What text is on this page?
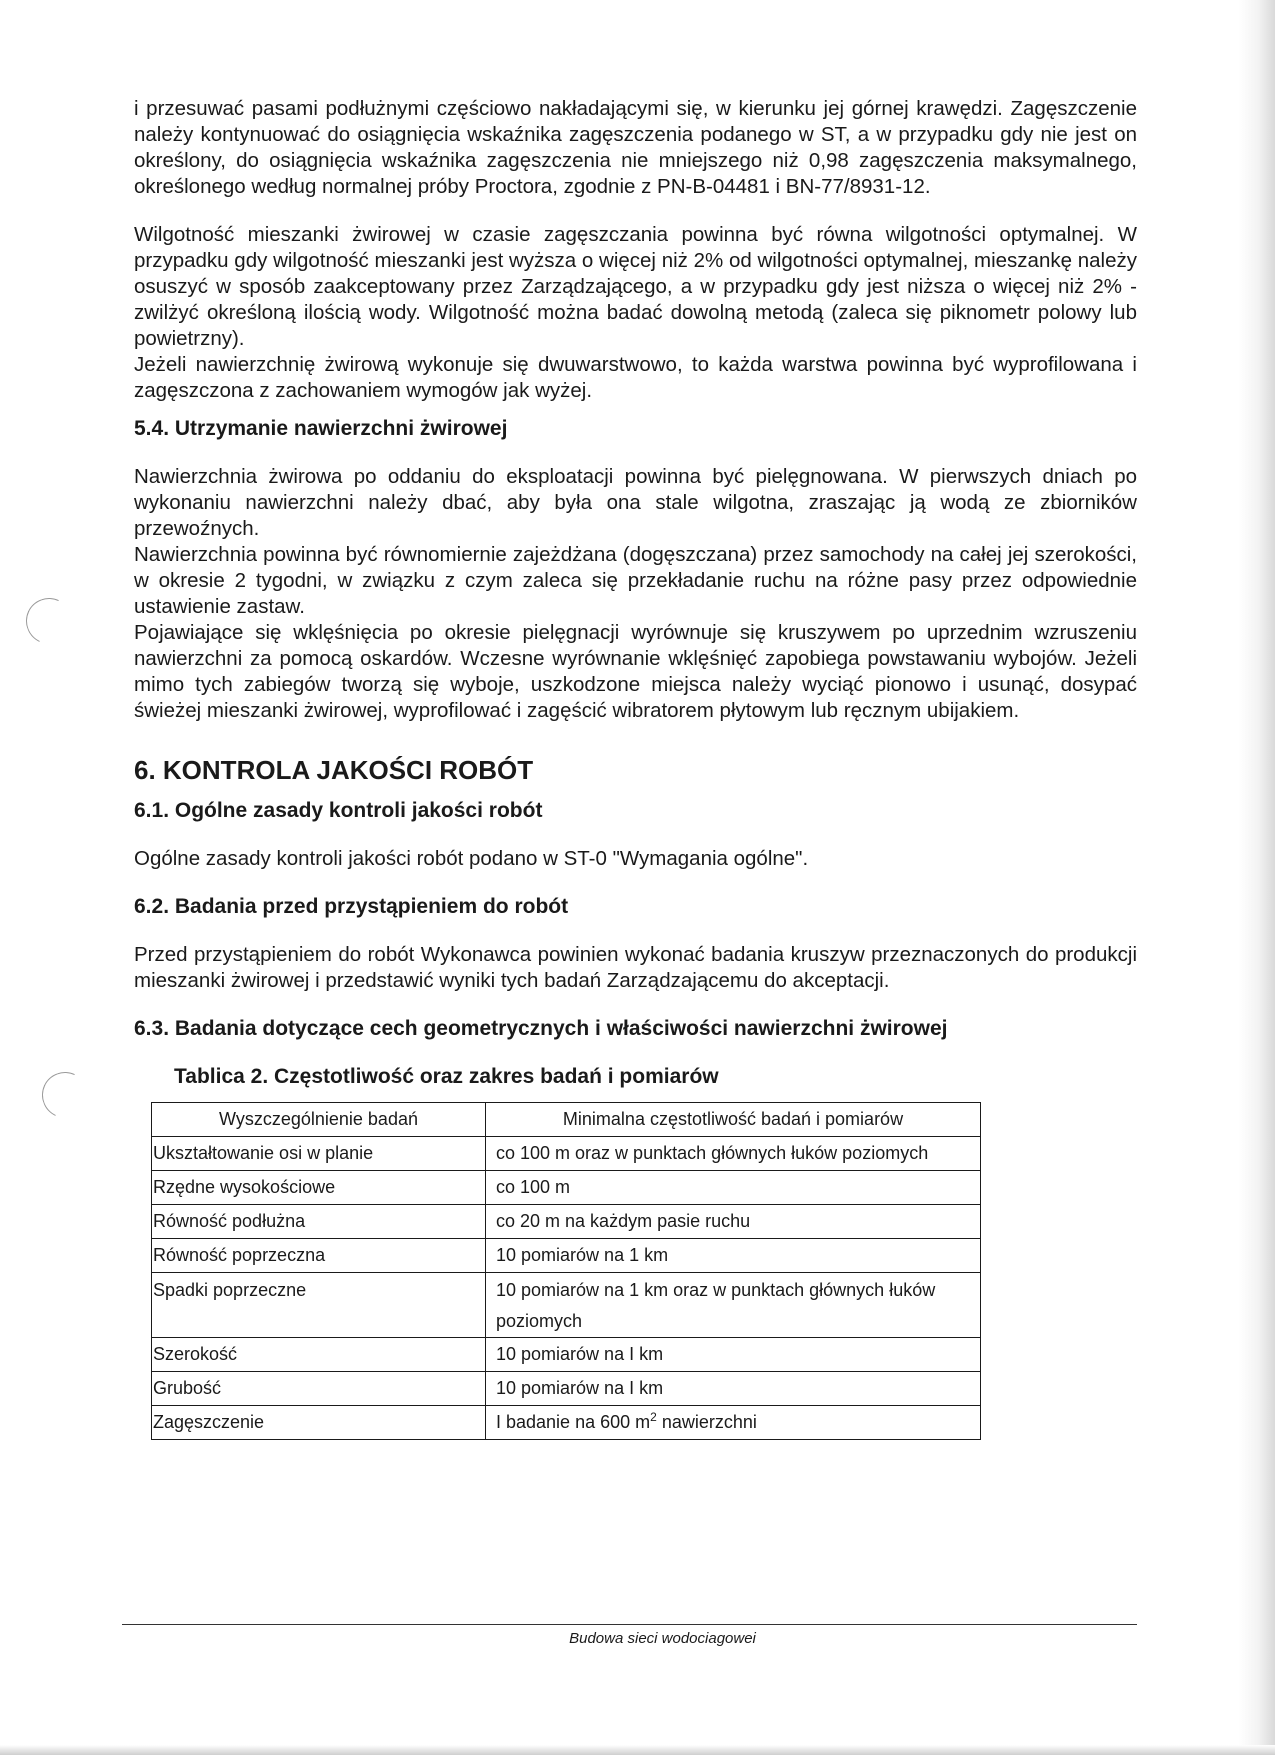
i przesuwać pasami podłużnymi częściowo nakładającymi się, w kierunku jej górnej krawędzi. Zagęszczenie należy kontynuować do osiągnięcia wskaźnika zagęszczenia podanego w ST, a w przypadku gdy nie jest on określony, do osiągnięcia wskaźnika zagęszczenia nie mniejszego niż 0,98 zagęszczenia maksymalnego, określonego według normalnej próby Proctora, zgodnie z PN-B-04481 i BN-77/8931-12.

Wilgotność mieszanki żwirowej w czasie zagęszczania powinna być równa wilgotności optymalnej. W przypadku gdy wilgotność mieszanki jest wyższa o więcej niż 2% od wilgotności optymalnej, mieszankę należy osuszyć w sposób zaakceptowany przez Zarządzającego, a w przypadku gdy jest niższa o więcej niż 2% - zwilżyć określoną ilością wody. Wilgotność można badać dowolną metodą (zaleca się piknometr polowy lub powietrzny).

Jeżeli nawierzchnię żwirową wykonuje się dwuwarstwowo, to każda warstwa powinna być wyprofilowana i zagęszczona z zachowaniem wymogów jak wyżej.

5.4. Utrzymanie nawierzchni żwirowej

Nawierzchnia żwirowa po oddaniu do eksploatacji powinna być pielęgnowana. W pierwszych dniach po wykonaniu nawierzchni należy dbać, aby była ona stale wilgotna, zraszając ją wodą ze zbiorników przewoźnych.

Nawierzchnia powinna być równomiernie zajeżdżana (dogęszczana) przez samochody na całej jej szerokości, w okresie 2 tygodni, w związku z czym zaleca się przekładanie ruchu na różne pasy przez odpowiednie ustawienie zastaw.

Pojawiające się wklęśnięcia po okresie pielęgnacji wyrównuje się kruszywem po uprzednim wzruszeniu nawierzchni za pomocą oskardów. Wczesne wyrównanie wklęśnięć zapobiega powstawaniu wybojów. Jeżeli mimo tych zabiegów tworzą się wyboje, uszkodzone miejsca należy wyciąć pionowo i usunąć, dosypać świeżej mieszanki żwirowej, wyprofilować i zagęścić wibratorem płytowym lub ręcznym ubijakiem.

6. KONTROLA JAKOŚCI ROBÓT
6.1. Ogólne zasady kontroli jakości robót

Ogólne zasady kontroli jakości robót podano w ST-0 "Wymagania ogólne".

6.2. Badania przed przystąpieniem do robót

Przed przystąpieniem do robót Wykonawca powinien wykonać badania kruszyw przeznaczonych do produkcji mieszanki żwirowej i przedstawić wyniki tych badań Zarządzającemu do akceptacji.

6.3. Badania dotyczące cech geometrycznych i właściwości nawierzchni żwirowej
Tablica 2. Częstotliwość oraz zakres badań i pomiarów
Wyszczególnienie badań	Minimalna częstotliwość badań i pomiarów
Ukształtowanie osi w planie	co 100 m oraz w punktach głównych łuków poziomych
Rzędne wysokościowe	co 100 m
Równość podłużna	co 20 m na każdym pasie ruchu
Równość poprzeczna	10 pomiarów na 1 km
Spadki poprzeczne	10 pomiarów na 1 km oraz w punktach głównych łuków poziomych
Szerokość	10 pomiarów na I km
Grubość	10 pomiarów na I km
Zagęszczenie	I badanie na 600 $m^2$ nawierzchni
Budowa sieci wodociagowei
